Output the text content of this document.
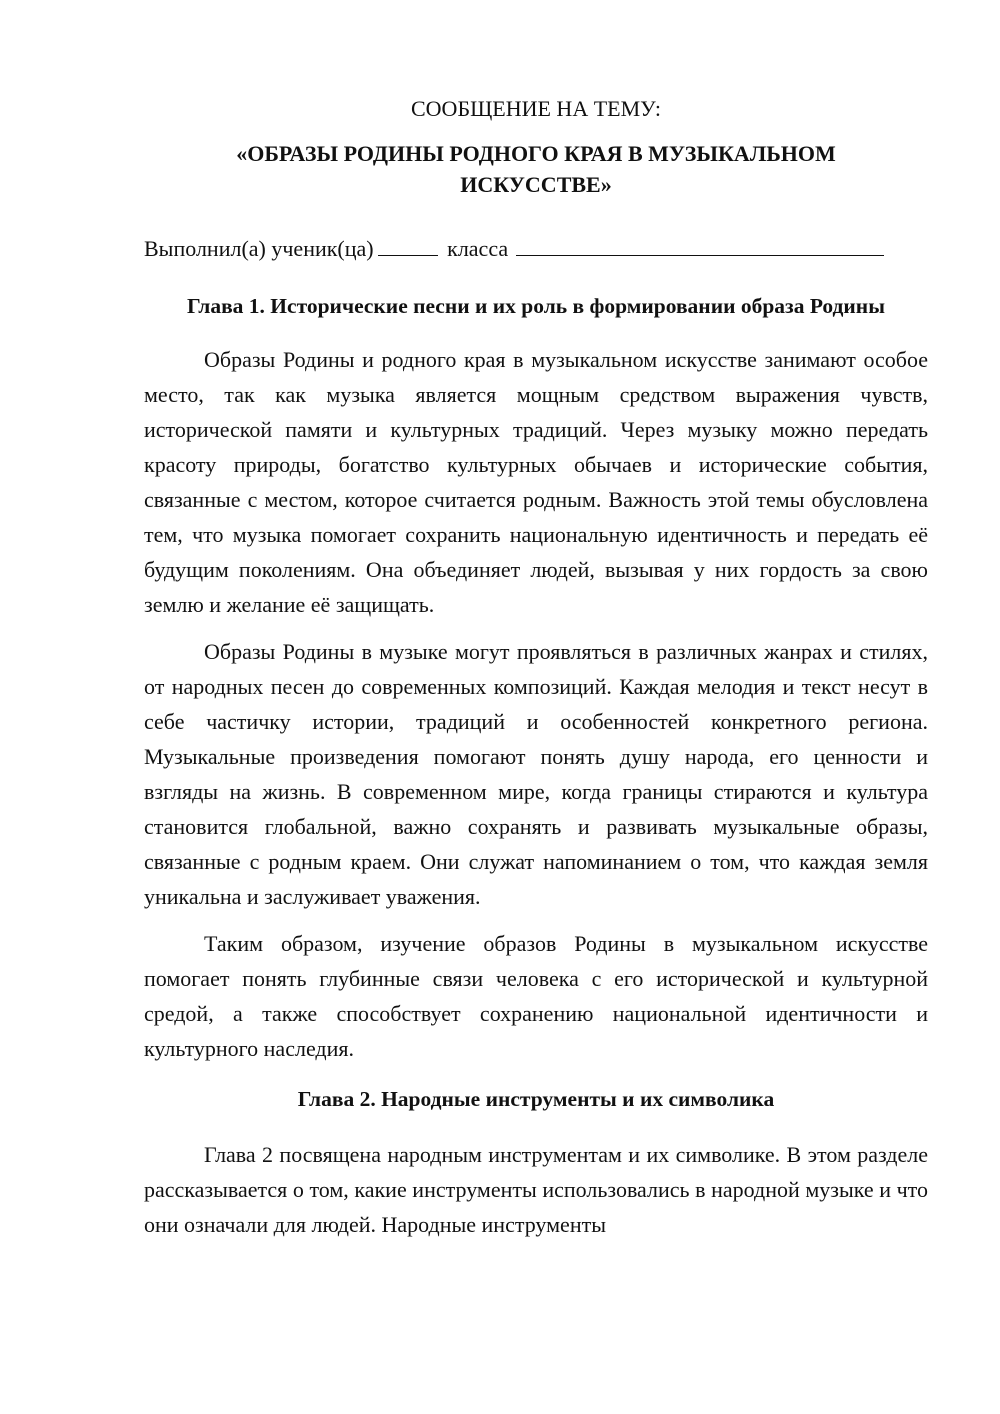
СООБЩЕНИЕ НА ТЕМУ:
«ОБРАЗЫ РОДИНЫ РОДНОГО КРАЯ В МУЗЫКАЛЬНОМ ИСКУССТВЕ»
Выполнил(а) ученик(ца)	класса
Глава 1. Исторические песни и их роль в формировании образа Родины

Образы Родины и родного края в музыкальном искусстве занимают особое место, так как музыка является мощным средством выражения чувств, исторической памяти и культурных традиций. Через музыку можно передать красоту природы, богатство культурных обычаев и исторические события, связанные с местом, которое считается родным. Важность этой темы обусловлена тем, что музыка помогает сохранить национальную идентичность и передать её будущим поколениям. Она объединяет людей, вызывая у них гордость за свою землю и желание её защищать.

Образы Родины в музыке могут проявляться в различных жанрах и стилях, от народных песен до современных композиций. Каждая мелодия и текст несут в себе частичку истории, традиций и особенностей конкретного региона. Музыкальные произведения помогают понять душу народа, его ценности и взгляды на жизнь. В современном мире, когда границы стираются и культура становится глобальной, важно сохранять и развивать музыкальные образы, связанные с родным краем. Они служат напоминанием о том, что каждая земля уникальна и заслуживает уважения.

Таким образом, изучение образов Родины в музыкальном искусстве помогает понять глубинные связи человека с его исторической и культурной средой, а также способствует сохранению национальной идентичности и культурного наследия.

Глава 2. Народные инструменты и их символика

Глава 2 посвящена народным инструментам и их символике. В этом разделе рассказывается о том, какие инструменты использовались в народной музыке и что они означали для людей. Народные инструменты
